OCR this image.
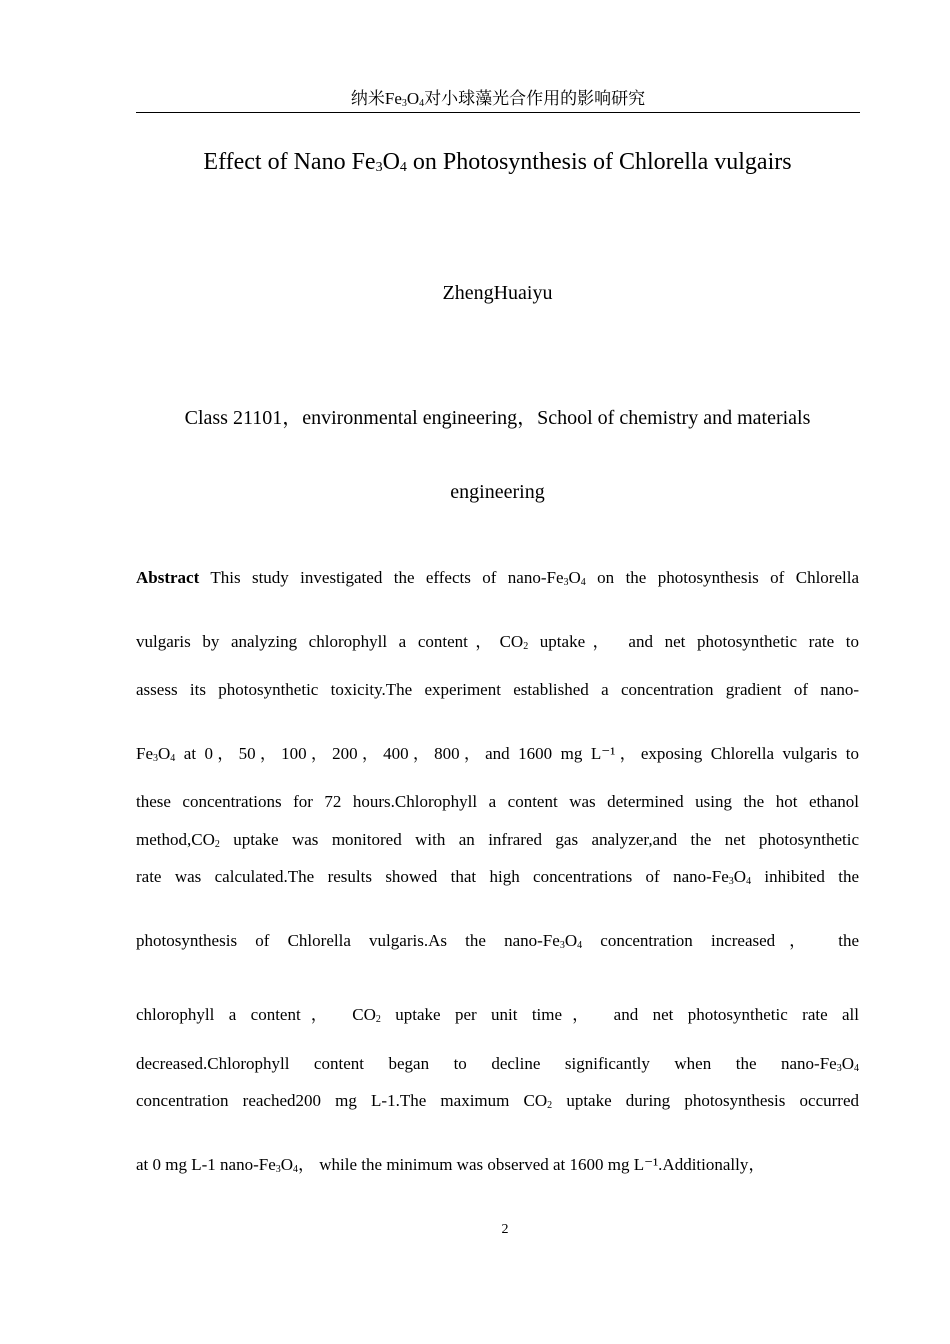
纳米$Fe_3O_4$对小球藻光合作用的影响研究
Effect of Nano $Fe_3O_4$ on Photosynthesis of Chlorella vulgairs
ZhengHuaiyu
Class 21101，environmental engineering，School of chemistry and materials
engineering
Abstract This study investigated the effects of nano-$Fe_3O_4$ on the photosynthesis of Chlorella
vulgaris by analyzing chlorophyll a content，$CO_2$ uptake， and net photosynthetic rate to
assess its photosynthetic toxicity.The experiment established a concentration gradient of nano-
$Fe_3O_4$ at 0，50，100，200，400，800，and 1600 mg L⁻¹，exposing Chlorella vulgaris to
these concentrations for 72 hours.Chlorophyll a content was determined using the hot ethanol
$method,CO_2$ uptake was monitored with an infrared gas analyzer,and the net photosynthetic
rate was calculated.The results showed that high concentrations of nano-$Fe_3O_4$ inhibited the
photosynthesis of Chlorella vulgaris.As the nano-$Fe_3O_4$ concentration increased， the
chlorophyll a content， $CO_2$ uptake per unit time， and net photosynthetic rate all
decreased.Chlorophyll content began to decline significantly when the nano-$Fe_3O_4$
concentration reached200 mg L-1.The maximum $CO_2$ uptake during photosynthesis occurred
at 0 mg L-1 nano-$Fe_3O_4$， while the minimum was observed at 1600 mg L⁻¹.Additionally，
2
